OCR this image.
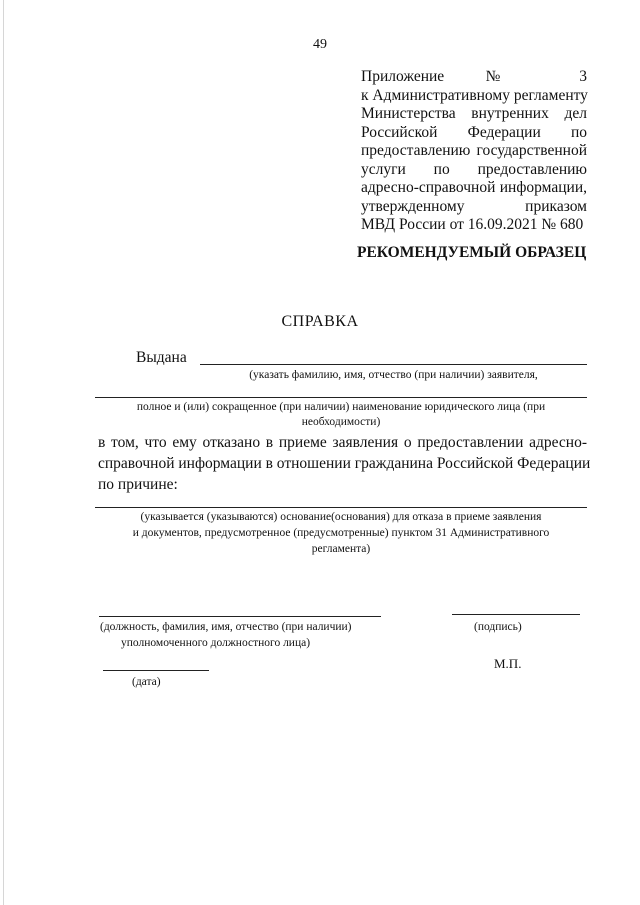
49
Приложение № 3
к Административному регламенту
Министерства внутренних дел
Российской Федерации по
предоставлению государственной
услуги по предоставлению
адресно-справочной информации,
утвержденному приказом
МВД России от 16.09.2021 № 680
РЕКОМЕНДУЕМЫЙ ОБРАЗЕЦ
СПРАВКА
Выдана
(указать фамилию, имя, отчество (при наличии) заявителя,
полное и (или) сокращенное (при наличии) наименование юридического лица (при
необходимости)
в том, что ему отказано в приеме заявления о предоставлении адресно-
справочной информации в отношении гражданина Российской Федерации
по причине:
(указывается (указываются) основание(основания) для отказа в приеме заявления
и документов, предусмотренное (предусмотренные) пунктом 31 Административного
регламента)
(должность, фамилия, имя, отчество (при наличии)
уполномоченного должностного лица)
(подпись)
М.П.
(дата)
